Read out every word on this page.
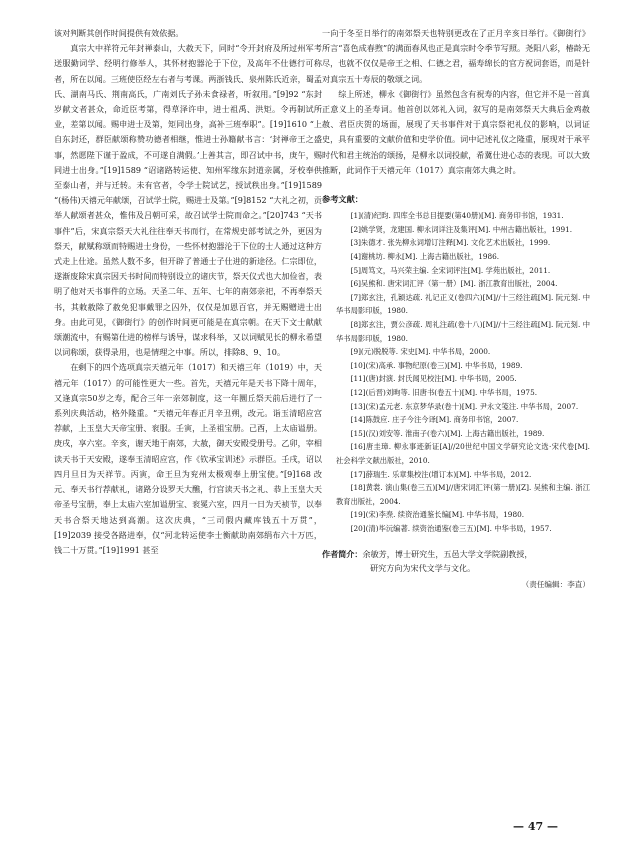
该对判断其创作时间提供有效依据。

真宗大中祥符元年封禅泰山，大赦天下，同时“令开封府及所过州军考送服勤词学、经明行修举人，其怀材抱器沦于下位，及高年不仕德行可称者，所在以闻。三班使臣经左右者与考课。两浙钱氏、泉州陈氏近亲，蜀孟氏、湖南马氏、荆南高氏，广南刘氏子孙未食禄者，听叙用。”[9]92 “东封岁献文者甚众，命近臣考第，得草泽许申，进士祖禹、洪矩。令再制试所业，差第以闻。赐申进士及第，矩同出身，高补三班奉职”。[19]1610 “上自东封还，群臣献颂称赞功德者相继，惟进士孙籍献书言：‘封禅帝王之盛事，然愿陛下谨于盈成，不可遂自满假。’上善其言，即召试中书，庚午，赐同进士出身。”[19]1589 “诏诸路转运使、知州军缘东封道亲属，牙校奉供至泰山者，并与迁转。未有官者，令学士院试艺，授试秩出身。”[19]1589 “(杨伟)天禧元年献颂，召试学士院，赐进士及第。”[9]8152 “大礼之初，贡举人献颂者甚众，惟伟及吕朝可采，故召试学士院而命之。”[20]743 “天书事件”后，宋真宗祭天大礼往往奉天书而行，在常规史部考试之外，更因为祭天，献赋称颂而特赐进士身份，一些怀材抱器沦于下位的士人通过这种方式走上仕途。虽然人数不多，但开辟了普通士子仕进的新途径。仁宗即位，遂渐废除宋真宗因天书时间而特别设立的诸庆节，祭天仪式也大加俭省，表明了他对天书事件的立场。天圣二年、五年、七年的南郊亲祀，不再奉祭天书，其敕赦除了赦免犯事戴罪之囚外，仅仅是加恩百官，并无赐赠进士出身。由此可见，《御街行》的创作时间更可能是在真宗朝。在天下文士献献颂潮流中，有赐第仕进的榜样与诱导，谋求科举，又以词赋见长的柳永希望以词称颂，获得录用，也是情理之中事。所以，排除8、9、10。

在剩下的四个选项真宗天禧元年（1017）和天禧三年（1019）中，天禧元年（1017）的可能性更大一些。首先，天禧元年是天书下降十周年，又逢真宗50岁之寿，配合三年一亲郊制度，这一年圜丘祭天前后进行了一系列庆典活动，格外隆重。“天禧元年春正月辛丑朔，改元。诣玉清昭应宫荐献，上玉皇大天帝宝册、衮服。壬寅，上圣祖宝册。己酉，上太庙谥册。庚戌，享六室。辛亥，谢天地于南郊，大赦，御天安殿受册号。乙卯，宰相读天书于天安殿，遂奉玉清昭应宫，作《钦承宝训述》示群臣。壬戌，诏以四月旦日为天祥节。丙寅，命王旦为兖州太极观奉上册宝使。”[9]168 改元、奉天书行荐献礼，诸路分设罗天大醮，行宫读天书之礼、恭上玉皇大天帝圣号宝册，奉上太庙六室加谥册宝、衮冕六室，四月一日为天祯节，以奉天书合祭天地达到高潮。这次庆典，“三司假内藏库钱五十万贯”，[19]2039 接受各路进奉，仅“河北转运使李士衡献助南郊绢布六十万匹，钱二十万贯。”[19]1991 甚至

一向于冬至日举行的南郊祭天也特别更改在了正月辛亥日举行。《御街行》所言“喜色成春煦”的满面春风也正是真宗时令季节写照。尧阳八彩，椿龄无尽，也就不仅仅是帝王之相、仁德之君，福寿绵长的官方祝词套语，而是针对真宗五十寿辰的敬颂之词。

综上所述，柳永《御街行》虽然包含有祝寿的内容，但它并不是一首真正意义上的圣寿词。他首创以郊礼入词，叙写的是南郊祭天大典后金鸡赦赦、君臣庆贺的场面，展现了天书事件对于真宗祭祀礼仪的影响，以词证史，具有重要的文献价值和史学价值。词中记述礼仪之隆重，展现对于承平时代和君主统治的颂扬，是柳永以词投献，希冀仕进心态的表现。可以大致推断，此词作于天禧元年（1017）真宗南郊大典之时。

参考文献：

[1](清)纪昀. 四库全书总目提要(第40册)[M]. 商务印书馆，1931.

[2]姚学贤，龙建国. 柳永词详注及集评[M]. 中州古籍出版社，1991.

[3]朱德才. 张先柳永词增订注释[M]. 文化艺术出版社，1999.

[4]谢桃坊. 柳永[M]. 上海古籍出版社，1986.

[5]周笃文，马兴荣主编. 全宋词评注[M]. 学苑出版社，2011.

[6]吴熊和. 唐宋词汇评（第一册）[M]. 浙江教育出版社，2004.

[7]郑玄注，孔颖达疏. 礼记正义(卷四六)[M]//十三经注疏[M]. 阮元刻. 中华书局影印版，1980.

[8]郑玄注，贾公彦疏. 周礼注疏(卷十八)[M]//十三经注疏[M]. 阮元刻. 中华书局影印版，1980.

[9](元)脱脱等. 宋史[M]. 中华书局，2000.

[10](宋)高承. 事物纪原(卷三)[M]. 中华书局，1989.

[11](唐)封演. 封氏闻见校注[M]. 中华书局，2005.

[12](后晋)刘昫等. 旧唐书(卷五十)[M]. 中华书局，1975.

[13](宋)孟元老. 东京梦华录(卷十)[M]. 尹永文笺注. 中华书局，2007.

[14]陈鼓应. 庄子今注今译[M]. 商务印书馆，2007.

[15](汉)刘安等. 淮南子(卷六)[M]. 上海古籍出版社，1989.

[16]唐圭璋. 柳永事迹新证[A]//20世纪中国文学研究论文选·宋代卷[M]. 社会科学文献出版社，2010.

[17]薛瑞生. 乐章集校注(增订本)[M]. 中华书局，2012.

[18]黄裳. 演山集(卷三五)[M]//唐宋词汇评(第一册)[Z]. 吴熊和主编. 浙江教育出版社，2004.

[19](宋)李焘. 续资治通鉴长编[M]. 中华书局，1980.

[20](清)毕沅编著. 续资治通鉴(卷三五)[M]. 中华书局，1957.

作者简介：余敏芳，博士研究生，五邑大学文学院副教授，
研究方向为宋代文学与文化。
（责任编辑：李直）
— 47 —
